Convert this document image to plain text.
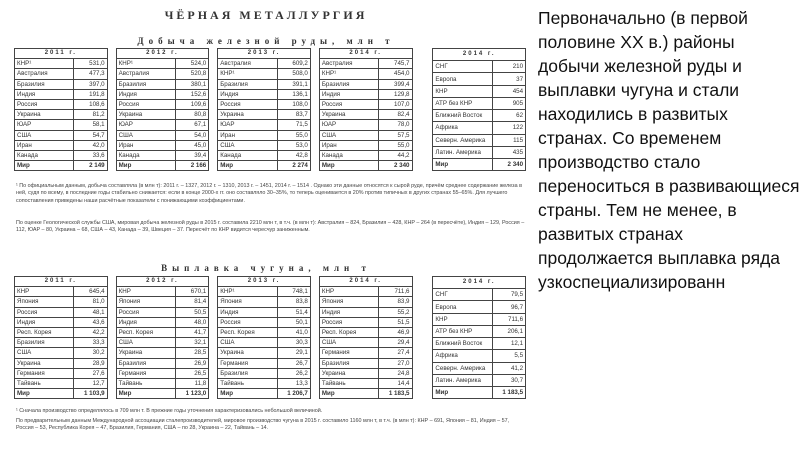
ЧЁРНАЯ МЕТАЛЛУРГИЯ
Добыча железной руды, млн т
2011 г.	
КНР¹	531,0
Австралия	477,3
Бразилия	397,0
Индия	191,8
Россия	108,6
Украина	81,2
ЮАР	58,1
США	54,7
Иран	42,0
Канада	33,6
Мир	2 149
2012 г.	
КНР¹	524,0
Австралия	520,8
Бразилия	380,1
Индия	152,6
Россия	109,6
Украина	80,8
ЮАР	67,1
США	54,0
Иран	45,0
Канада	39,4
Мир	2 166
2013 г.	
Австралия	609,2
КНР¹	508,0
Бразилия	391,1
Индия	136,1
Россия	108,0
Украина	83,7
ЮАР	71,5
Иран	55,0
США	53,0
Канада	42,8
Мир	2 274
2014 г.	
Австралия	745,7
КНР¹	454,0
Бразилия	399,4
Индия	129,8
Россия	107,0
Украина	82,4
ЮАР	78,0
США	57,5
Иран	55,0
Канада	44,2
Мир	2 340
2014 г.	
СНГ	210
Европа	37
КНР	454
АТР без КНР	905
Ближний Восток	62
Африка	122
Северн. Америка	115
Латин. Америка	435
Мир	2 340
¹ По официальным данным, добыча составляла (в млн т): 2011 г. – 1327, 2012 г. – 1310, 2013 г. – 1451, 2014 г. – 1514 . Однако эти данные относятся к сырой руде, причём среднее содержание железа в ней, судя по всему, в последние годы стабильно снижается: если в конце 2000-х гг. оно составляло 30–35%, то теперь оценивается в 20% против типичных в других странах 55–65%. Для лучшего сопоставления приведены наши расчётные показатели с понижающими коэффициентами.
По оценке Геологической службы США, мировая добыча железной руды в 2015 г. составила 2210 млн т, в т.ч. (в млн т): Австралия – 824, Бразилия – 428, КНР – 264 (в пересчёте), Индия – 129, Россия – 112, ЮАР – 80, Украина – 68, США – 43, Канада – 39, Швеция – 37. Пересчёт по КНР видится чересчур заниженным.
Выплавка чугуна, млн т
2011 г.	
КНР	645,4
Япония	81,0
Россия	48,1
Индия	43,6
Респ. Корея	42,2
Бразилия	33,3
США	30,2
Украина	28,9
Германия	27,6
Тайвань	12,7
Мир	1 103,9
2012 г.	
КНР	670,1
Япония	81,4
Россия	50,5
Индия	48,0
Респ. Корея	41,7
США	32,1
Украина	28,5
Бразилия	26,9
Германия	26,5
Тайвань	11,8
Мир	1 123,0
2013 г.	
КНР¹	748,1
Япония	83,8
Индия	51,4
Россия	50,1
Респ. Корея	41,0
США	30,3
Украина	29,1
Германия	26,7
Бразилия	26,2
Тайвань	13,3
Мир	1 206,7
2014 г.	
КНР	711,6
Япония	83,9
Индия	55,2
Россия	51,5
Респ. Корея	46,9
США	29,4
Германия	27,4
Бразилия	27,0
Украина	24,8
Тайвань	14,4
Мир	1 183,5
2014 г.	
СНГ	79,5
Европа	96,7
КНР	711,6
АТР без КНР	206,1
Ближний Восток	12,1
Африка	5,5
Северн. Америка	41,2
Латин. Америка	30,7
Мир	1 183,5
¹ Сначала производство определялось в 709 млн т. В прежние годы уточнения характеризовались небольшой величиной.
По предварительным данным Международной ассоциации сталепроизводителей, мировое производство чугуна в 2015 г. составило 1160 млн т, в т.ч. (в млн т): КНР – 691, Япония – 81, Индия – 57, Россия – 53, Республика Корея – 47, Бразилия, Германия, США – по 28, Украина – 22, Тайвань – 14.
Первоначально (в первой половине XX в.) районы добычи железной руды и выплавки чугуна и стали находились в развитых странах. Со временем производство стало переноситься в развивающиеся страны. Тем не менее, в развитых странах продолжается выплавка ряда узкоспециализированн
